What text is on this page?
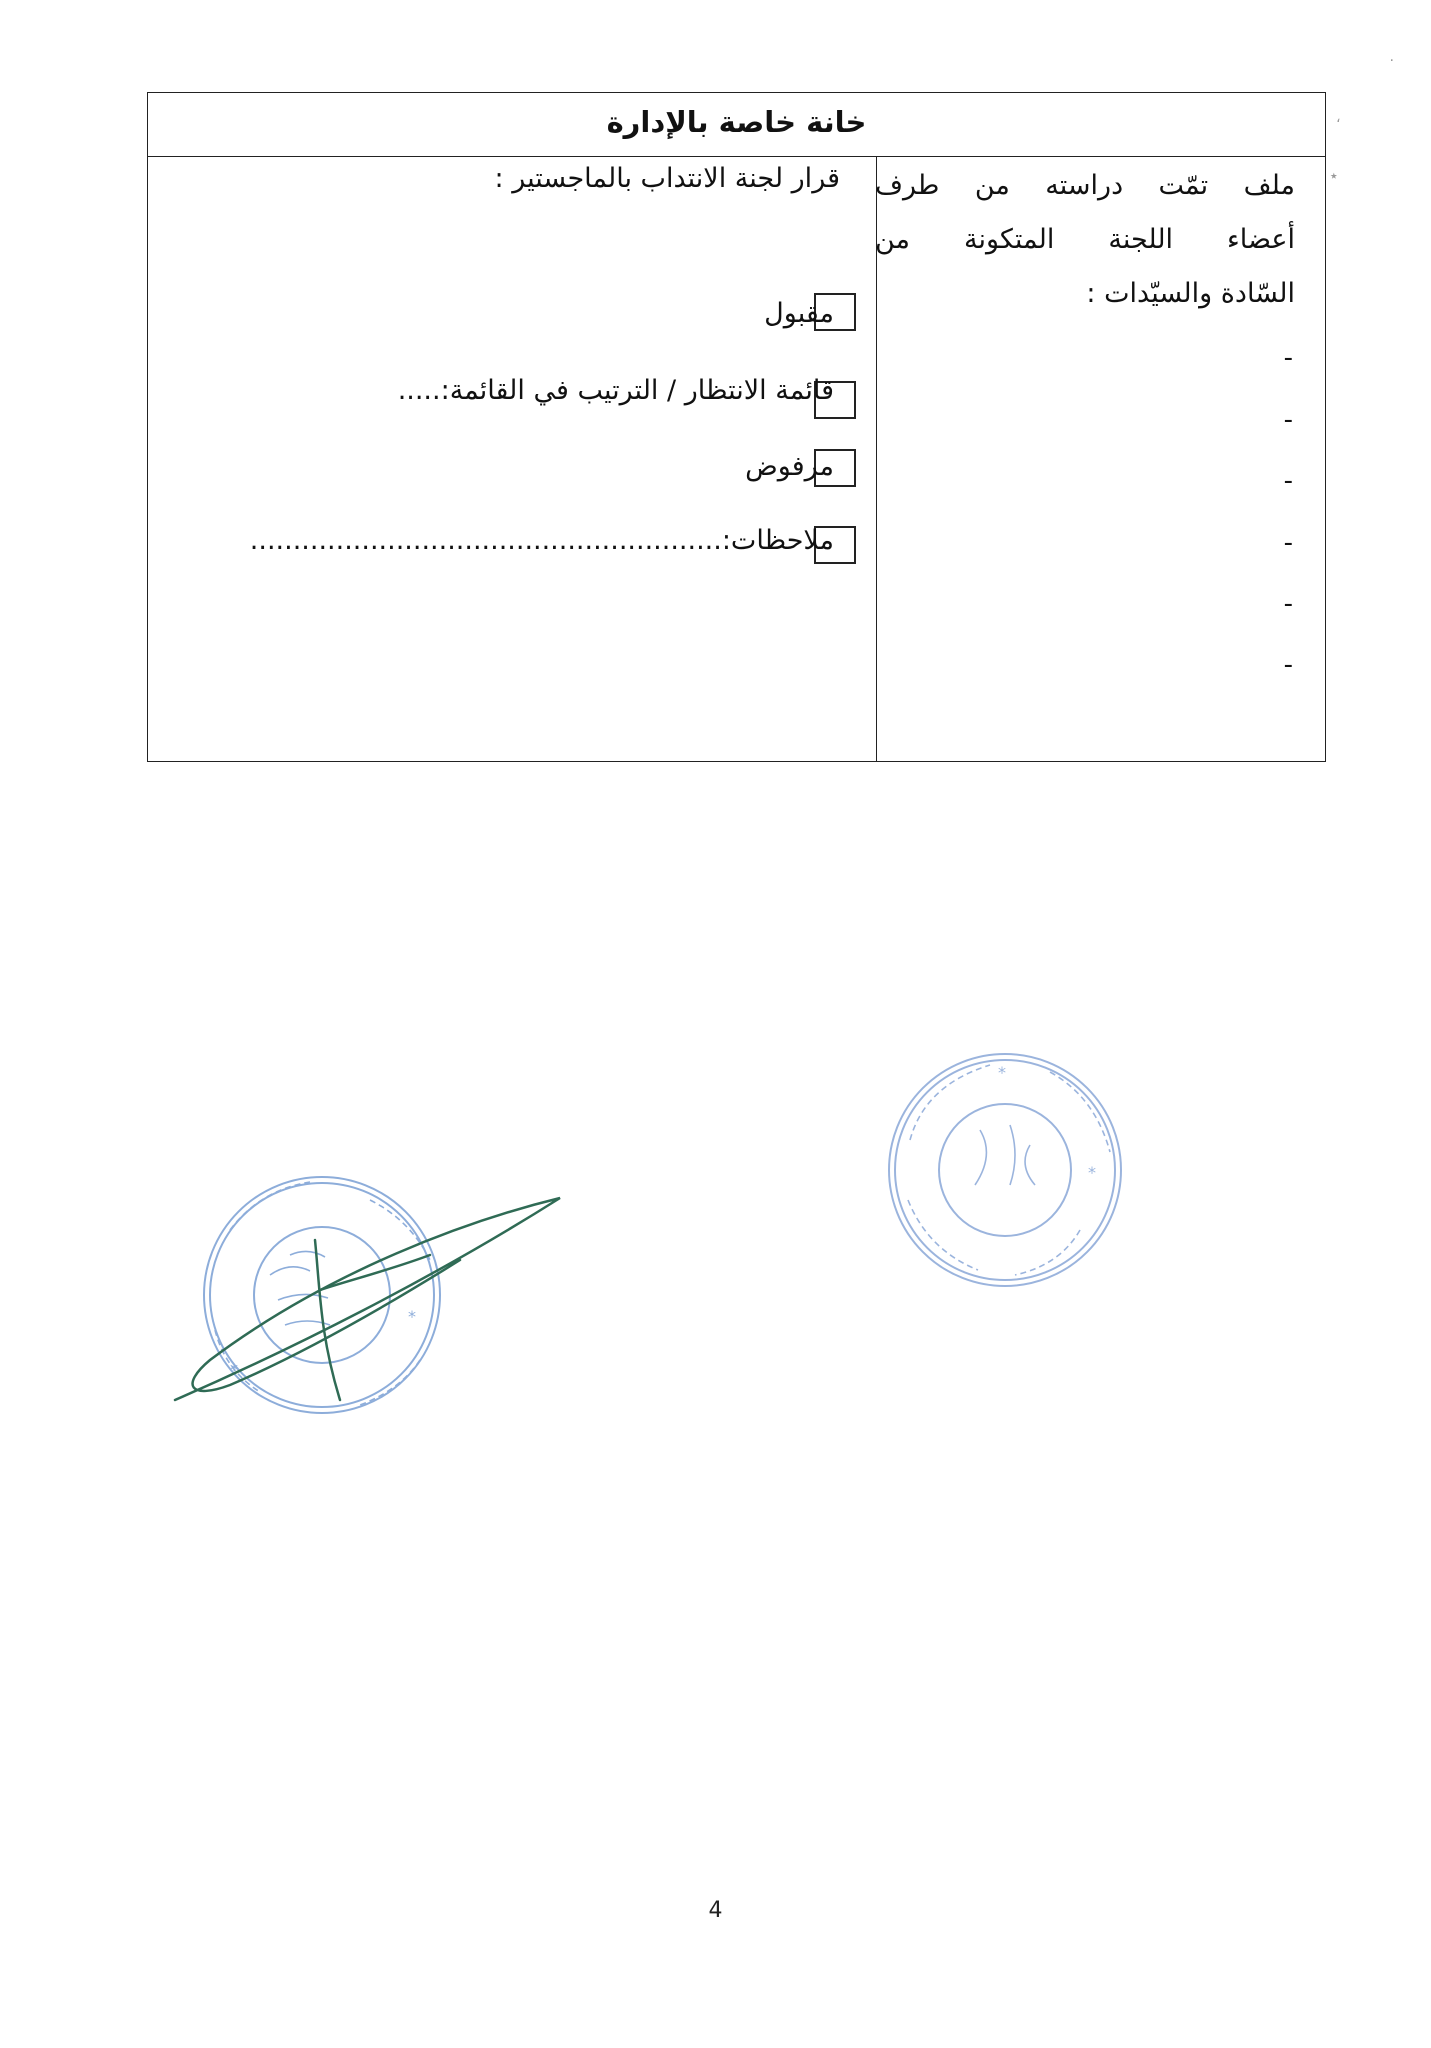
خانة خاصة بالإدارة
ملف تمّت دراسته من طرف
أعضاء اللجنة المتكونة من
السّادة والسيّدات :
-
-
-
-
-
-
قرار لجنة الانتداب بالماجستير :
مقبول
قائمة الانتظار / الترتيب في القائمة:.....
مرفوض
ملاحظات:.......................................................
٠
،
٭
*
*
*
*
4
